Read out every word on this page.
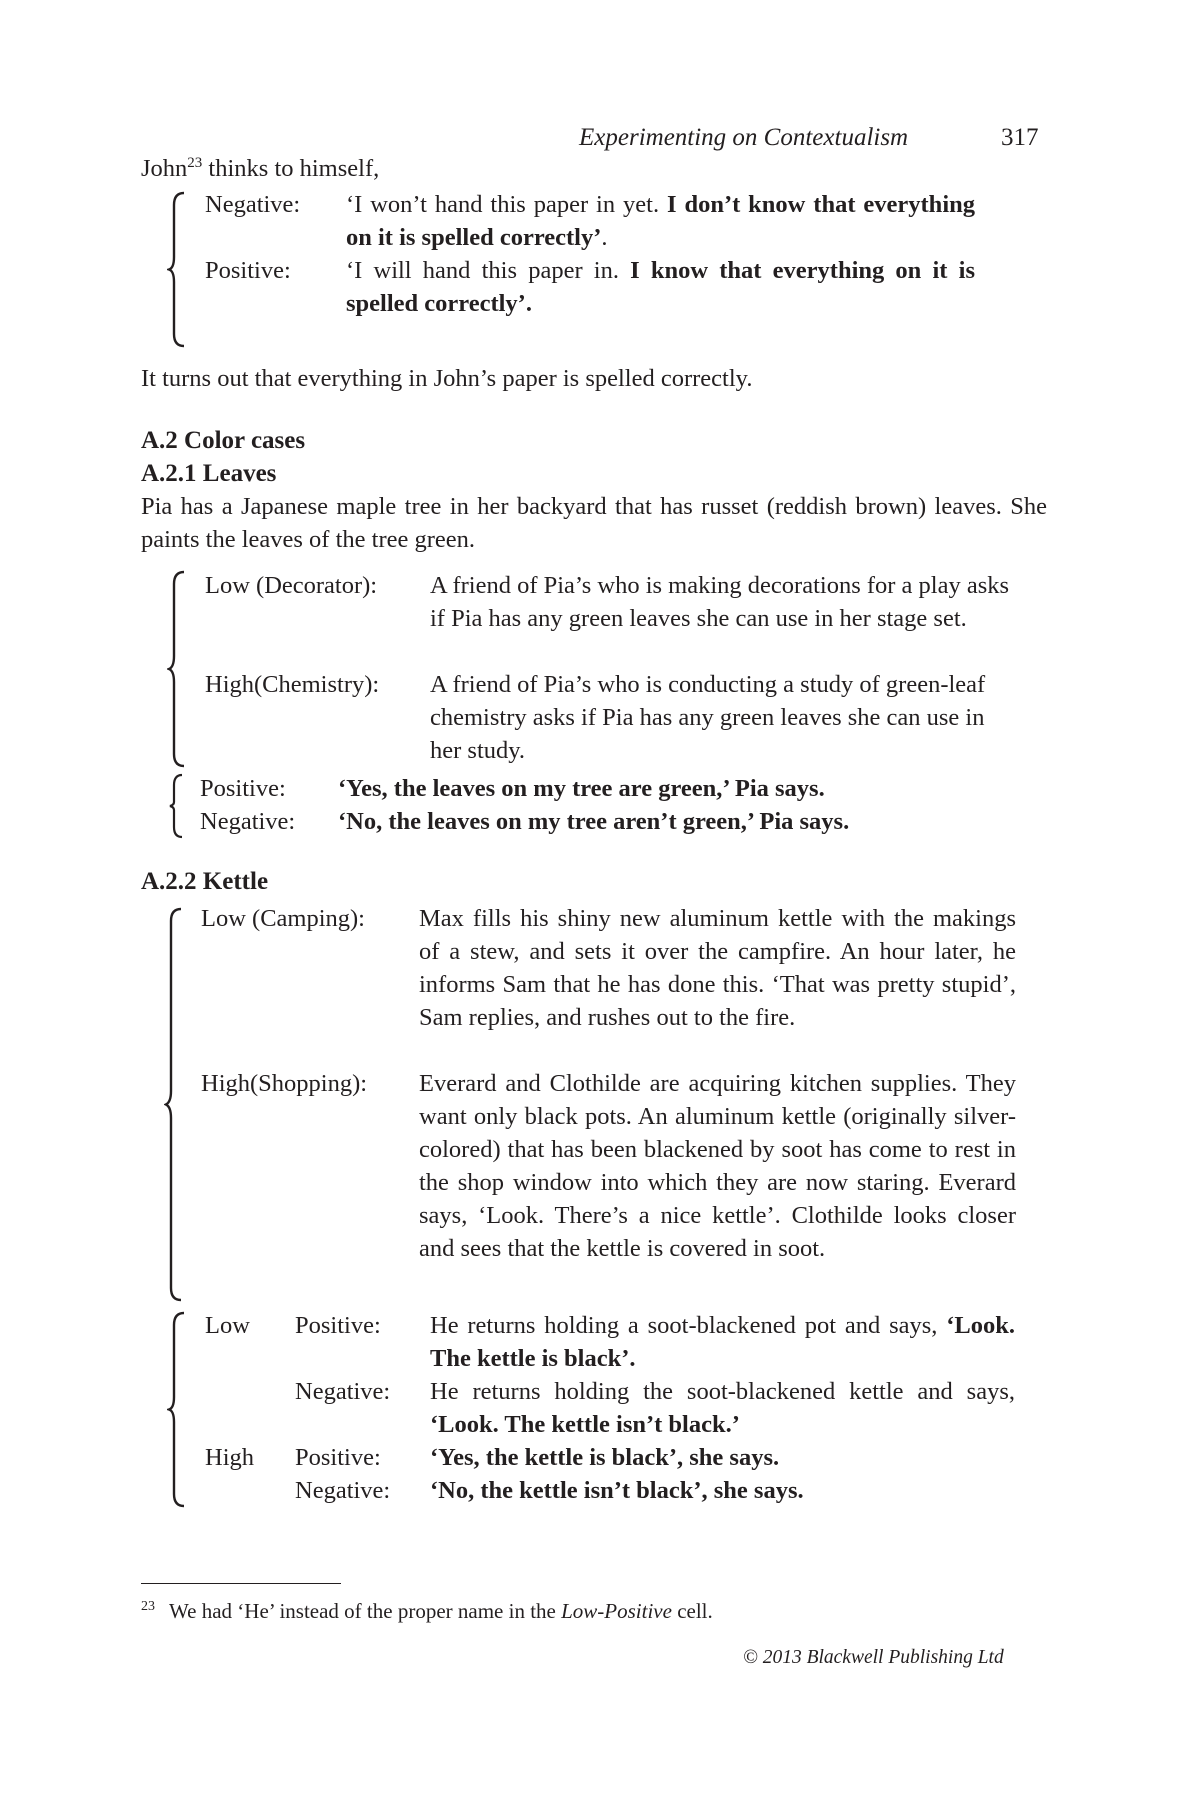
Experimenting on Contextualism	317
John$^{23}$ thinks to himself,
Negative: ‘I won’t hand this paper in yet. I don’t know that everything on it is spelled correctly’.
Positive: ‘I will hand this paper in. I know that everything on it is spelled correctly’.
It turns out that everything in John’s paper is spelled correctly.
A.2 Color cases
A.2.1 Leaves
Pia has a Japanese maple tree in her backyard that has russet (reddish brown) leaves. She paints the leaves of the tree green.
Low (Decorator): A friend of Pia’s who is making decorations for a play asks if Pia has any green leaves she can use in her stage set.
High(Chemistry): A friend of Pia’s who is conducting a study of green-leaf chemistry asks if Pia has any green leaves she can use in her study.
Positive: ‘Yes, the leaves on my tree are green,’ Pia says.
Negative: ‘No, the leaves on my tree aren’t green,’ Pia says.
A.2.2 Kettle
Low (Camping): Max fills his shiny new aluminum kettle with the makings of a stew, and sets it over the campfire. An hour later, he informs Sam that he has done this. ‘That was pretty stupid’, Sam replies, and rushes out to the fire.
High(Shopping): Everard and Clothilde are acquiring kitchen supplies. They want only black pots. An aluminum kettle (originally silver-colored) that has been blackened by soot has come to rest in the shop window into which they are now staring. Everard says, ‘Look. There’s a nice kettle’. Clothilde looks closer and sees that the kettle is covered in soot.
Low Positive: He returns holding a soot-blackened pot and says, ‘Look. The kettle is black’.
Negative: He returns holding the soot-blackened kettle and says, ‘Look. The kettle isn’t black.’
High Positive: ‘Yes, the kettle is black’, she says.
Negative: ‘No, the kettle isn’t black’, she says.
$^{23}$ We had ‘He’ instead of the proper name in the Low-Positive cell.
© 2013 Blackwell Publishing Ltd
